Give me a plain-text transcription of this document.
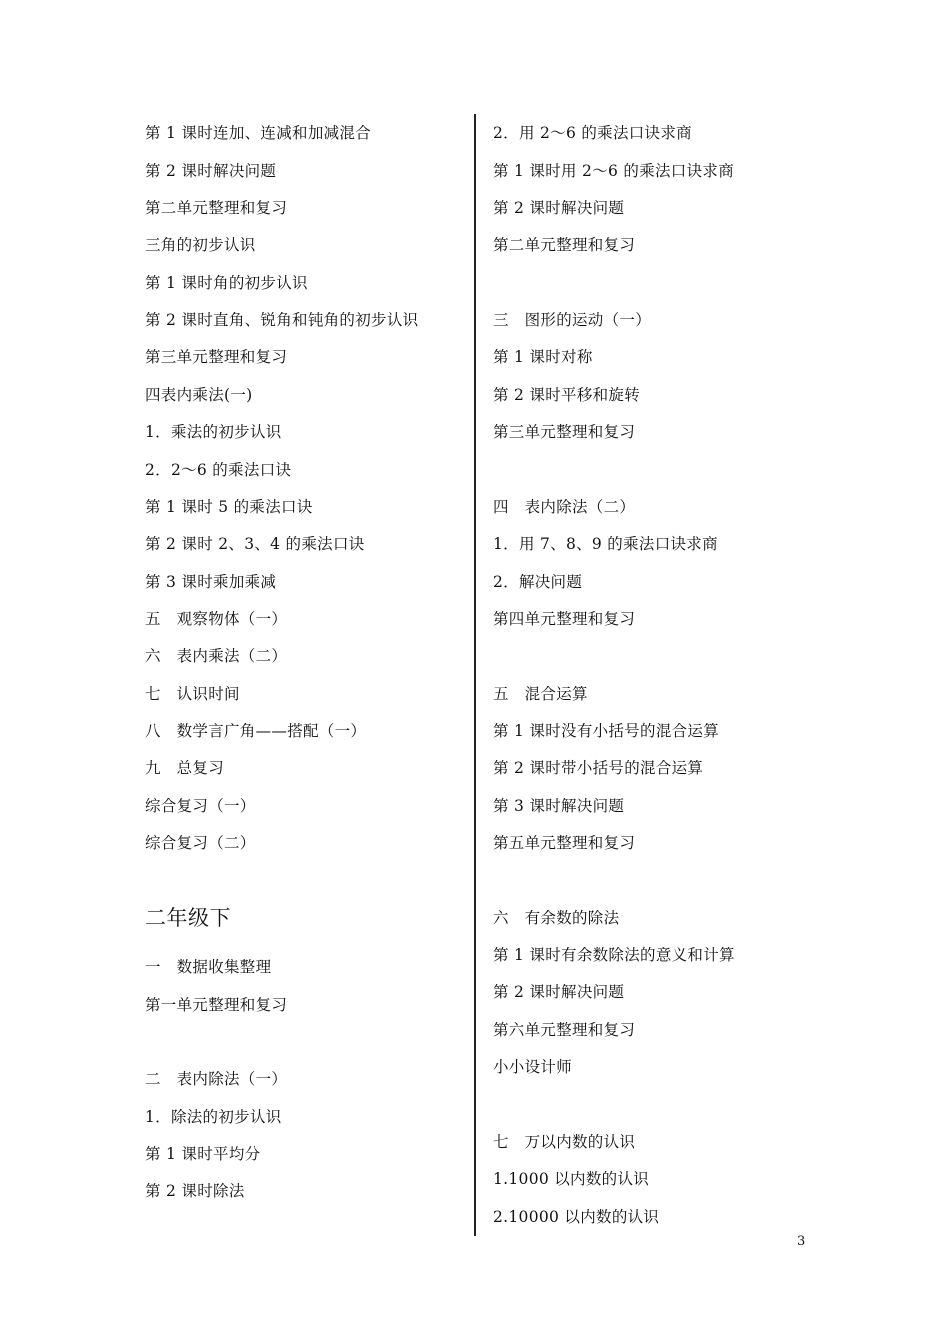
第 1 课时连加、连减和加减混合
第 2 课时解决问题
第二单元整理和复习
三角的初步认识
第 1 课时角的初步认识
第 2 课时直角、锐角和钝角的初步认识
第三单元整理和复习
四表内乘法(一)
1．乘法的初步认识
2．2～6 的乘法口诀
第 1 课时 5 的乘法口诀
第 2 课时 2、3、4 的乘法口诀
第 3 课时乘加乘减
五　观察物体（一）
六　表内乘法（二）
七　认识时间
八　数学言广角——搭配（一）
九　总复习
综合复习（一）
综合复习（二）
二年级下
一　数据收集整理
第一单元整理和复习
二　表内除法（一）
1．除法的初步认识
第 1 课时平均分
第 2 课时除法
2．用 2～6 的乘法口诀求商
第 1 课时用 2～6 的乘法口诀求商
第 2 课时解决问题
第二单元整理和复习
三　图形的运动（一）
第 1 课时对称
第 2 课时平移和旋转
第三单元整理和复习
四　表内除法（二）
1．用 7、8、9 的乘法口诀求商
2．解决问题
第四单元整理和复习
五　混合运算
第 1 课时没有小括号的混合运算
第 2 课时带小括号的混合运算
第 3 课时解决问题
第五单元整理和复习
六　有余数的除法
第 1 课时有余数除法的意义和计算
第 2 课时解决问题
第六单元整理和复习
小小设计师
七　万以内数的认识
1.1000 以内数的认识
2.10000 以内数的认识
3
